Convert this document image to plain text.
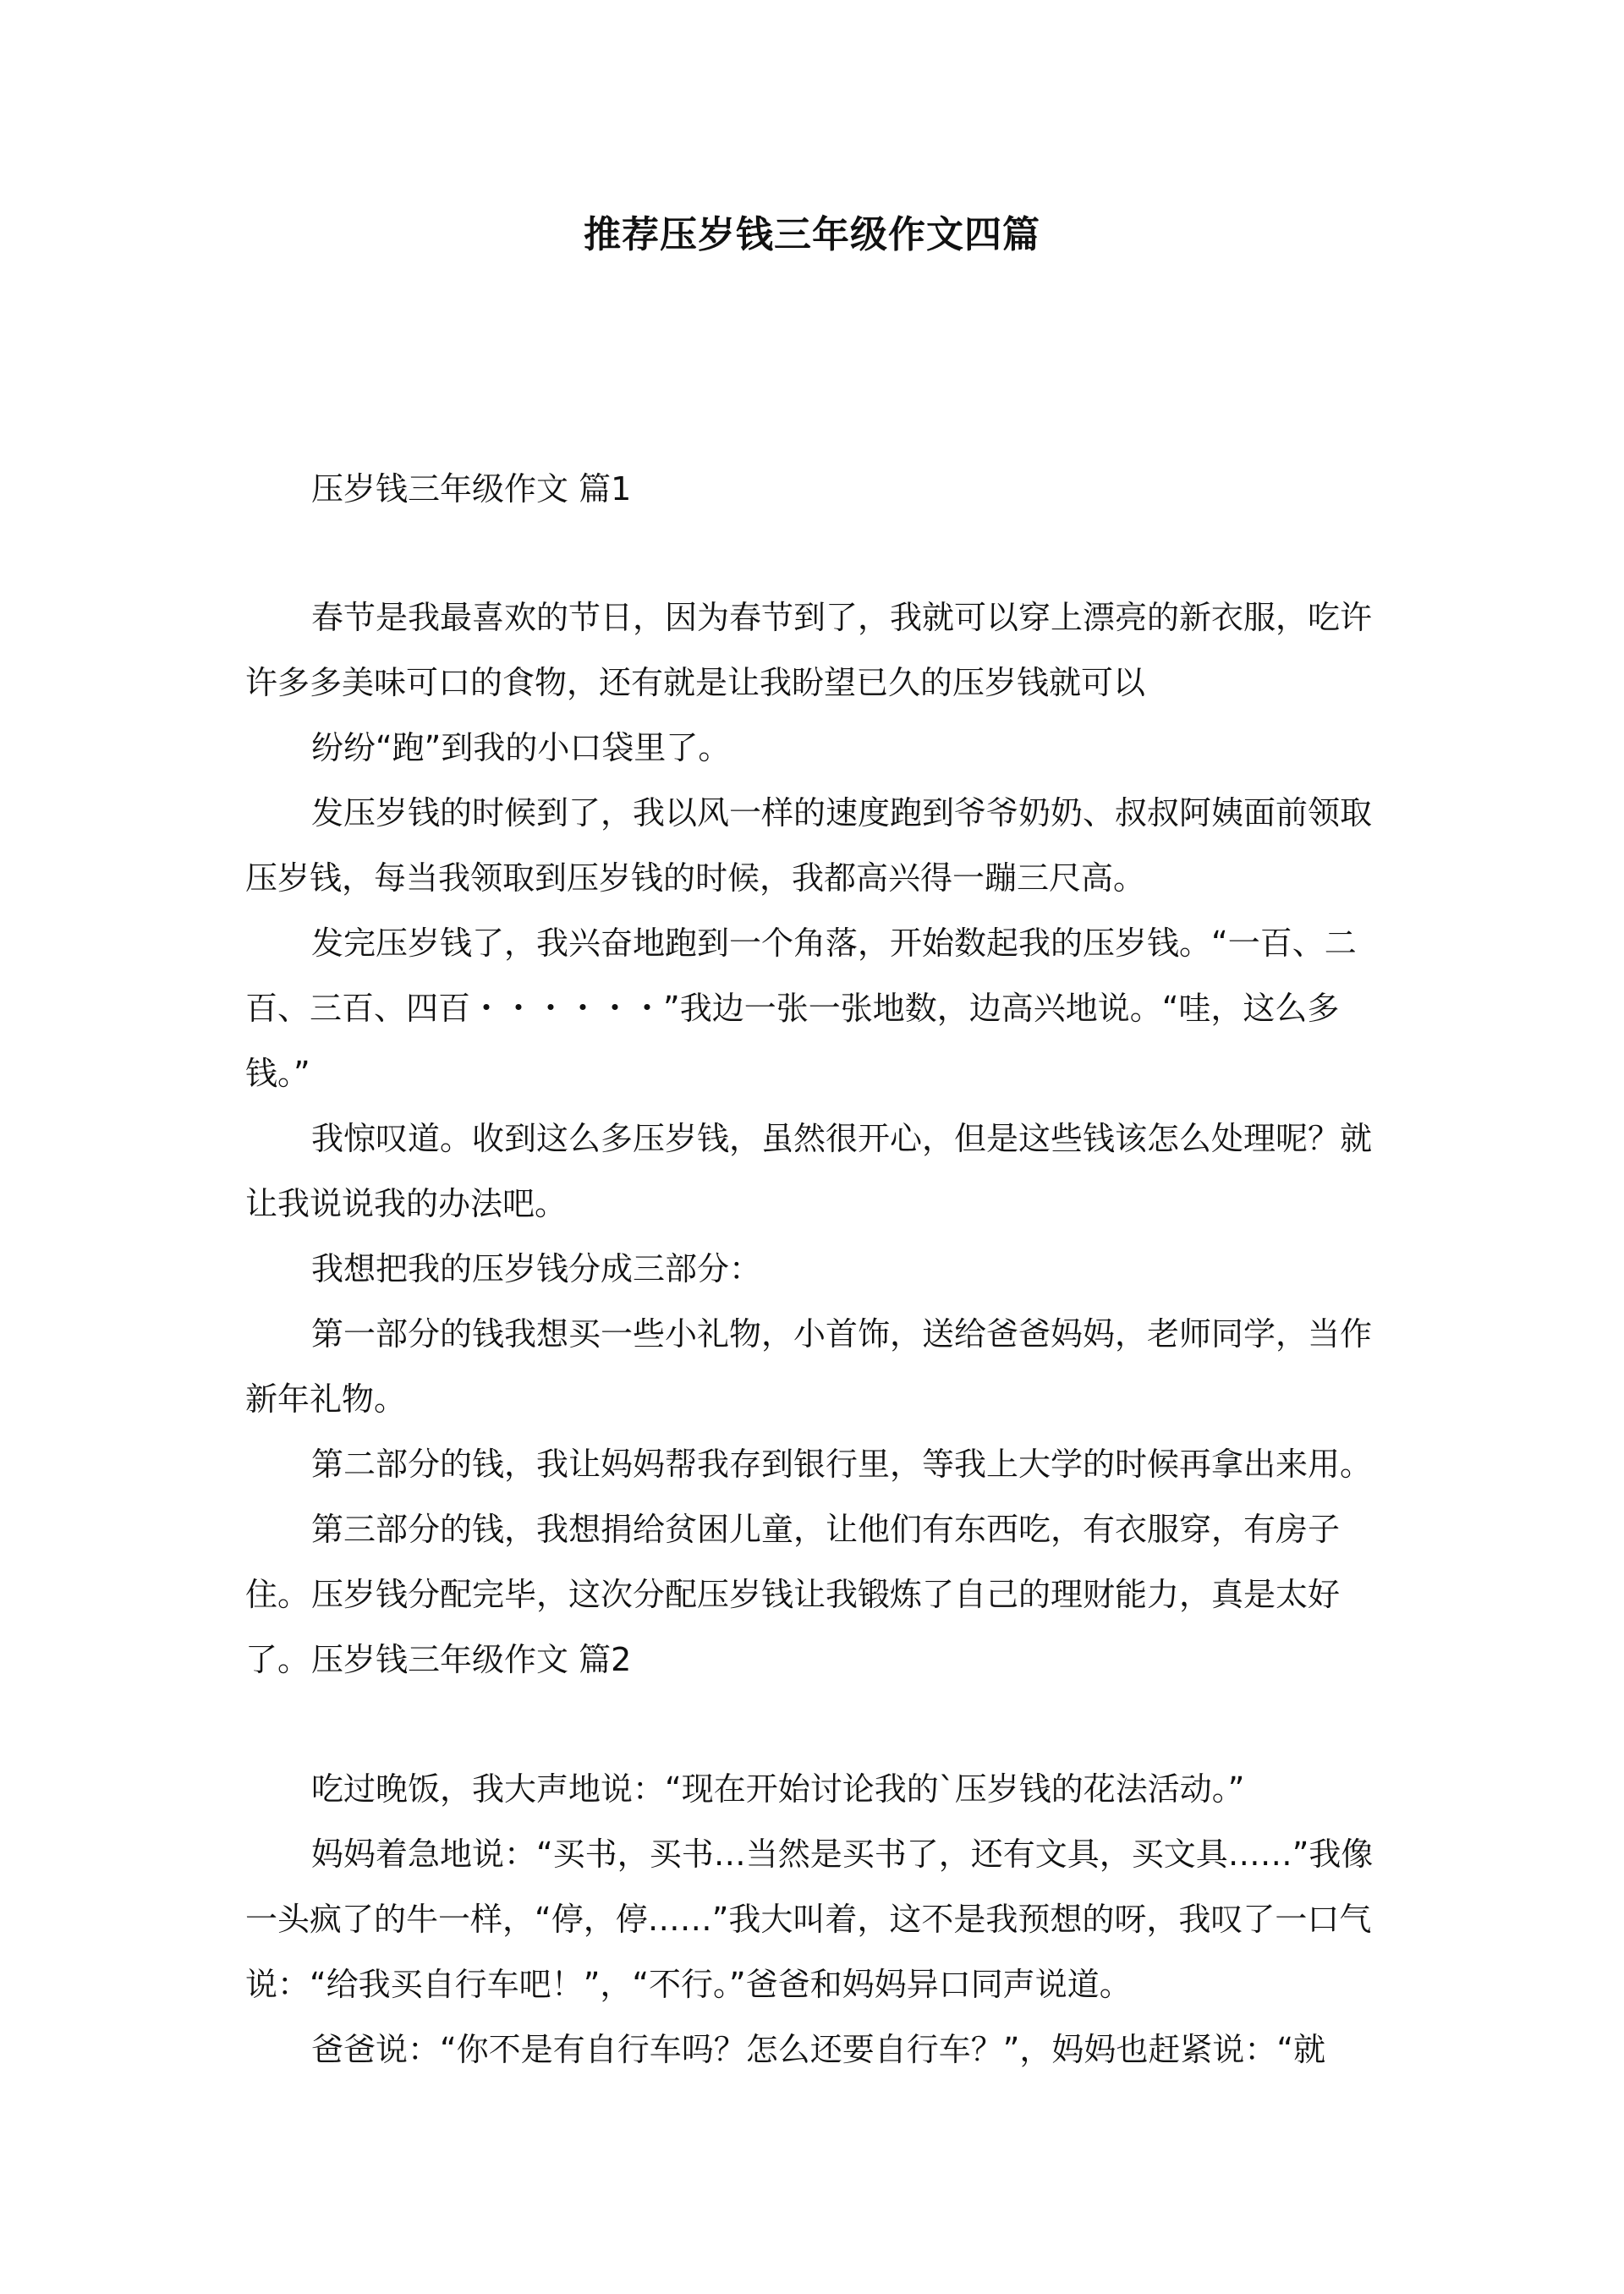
推荐压岁钱三年级作文四篇

压岁钱三年级作文 篇1

春节是我最喜欢的节日，因为春节到了，我就可以穿上漂亮的新衣服，吃许许多多美味可口的食物，还有就是让我盼望已久的压岁钱就可以

纷纷“跑”到我的小口袋里了。

发压岁钱的时候到了，我以风一样的速度跑到爷爷奶奶、叔叔阿姨面前领取压岁钱，每当我领取到压岁钱的时候，我都高兴得一蹦三尺高。

发完压岁钱了，我兴奋地跑到一个角落，开始数起我的压岁钱。“一百、二百、三百、四百・・・・・・”我边一张一张地数，边高兴地说。“哇，这么多钱。”

我惊叹道。收到这么多压岁钱，虽然很开心，但是这些钱该怎么处理呢？就让我说说我的办法吧。

我想把我的压岁钱分成三部分：

第一部分的钱我想买一些小礼物，小首饰，送给爸爸妈妈，老师同学，当作新年礼物。

第二部分的钱，我让妈妈帮我存到银行里，等我上大学的时候再拿出来用。

第三部分的钱，我想捐给贫困儿童，让他们有东西吃，有衣服穿，有房子住。 压岁钱分配完毕，这次分配压岁钱让我锻炼了自己的理财能力，真是太好了。 压岁钱三年级作文 篇2

吃过晚饭，我大声地说：“现在开始讨论我的`压岁钱的花法活动。”

妈妈着急地说：“买书，买书…当然是买书了，还有文具，买文具……”我像一头疯了的牛一样，“停，停……”我大叫着，这不是我预想的呀，我叹了一口气说：“给我买自行车吧！”，“不行。”爸爸和妈妈异口同声说道。

爸爸说：“你不是有自行车吗？怎么还要自行车？”，妈妈也赶紧说：“就
